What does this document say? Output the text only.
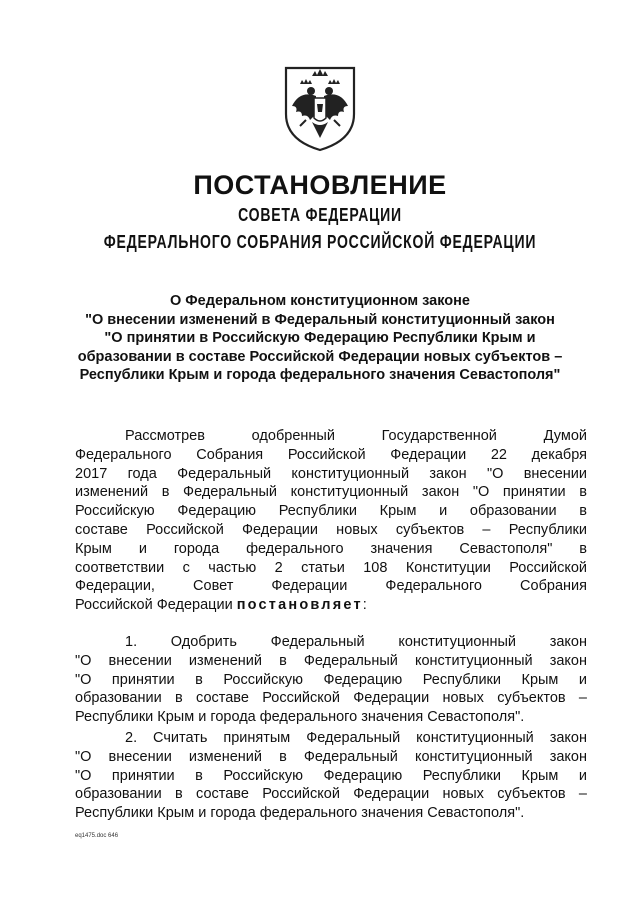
ПОСТАНОВЛЕНИЕ
СОВЕТА ФЕДЕРАЦИИ
ФЕДЕРАЛЬНОГО СОБРАНИЯ РОССИЙСКОЙ ФЕДЕРАЦИИ
О Федеральном конституционном законе
"О внесении изменений в Федеральный конституционный закон
"О принятии в Российскую Федерацию Республики Крым и
образовании в составе Российской Федерации новых субъектов –
Республики Крым и города федерального значения Севастополя"
Рассмотрев одобренный Государственной Думой
Федерального Собрания Российской Федерации 22 декабря
2017 года Федеральный конституционный закон "О внесении
изменений в Федеральный конституционный закон "О принятии в
Российскую Федерацию Республики Крым и образовании в
составе Российской Федерации новых субъектов – Республики
Крым и города федерального значения Севастополя" в
соответствии с частью 2 статьи 108 Конституции Российской
Федерации, Совет Федерации Федерального Собрания
Российской Федерации постановляет:
1. Одобрить Федеральный конституционный закон
"О внесении изменений в Федеральный конституционный закон
"О принятии в Российскую Федерацию Республики Крым и
образовании в составе Российской Федерации новых субъектов –
Республики Крым и города федерального значения Севастополя".
2. Считать принятым Федеральный конституционный закон
"О внесении изменений в Федеральный конституционный закон
"О принятии в Российскую Федерацию Республики Крым и
образовании в составе Российской Федерации новых субъектов –
Республики Крым и города федерального значения Севастополя".
eq1475.doc 646
